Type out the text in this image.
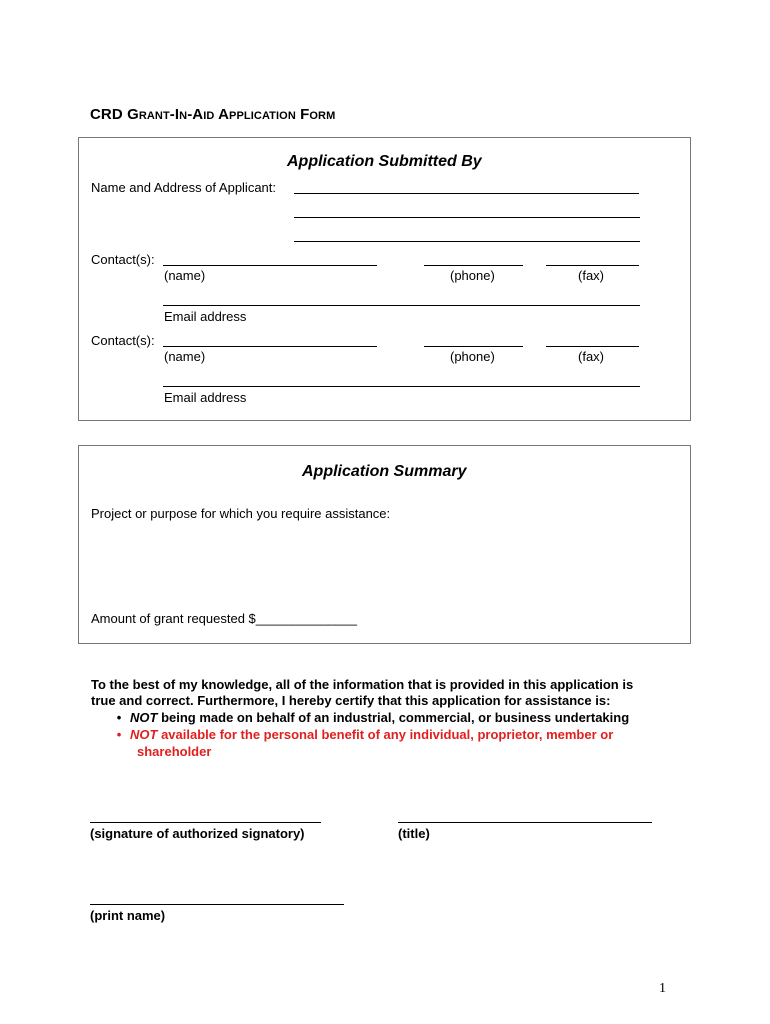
CRD Grant-In-Aid Application Form
Application Submitted By
Name and Address of Applicant:
Contact(s):
(name)	(phone)	(fax)
Email address
Contact(s):
(name)	(phone)	(fax)
Email address
Application Summary
Project or purpose for which you require assistance:
Amount of grant requested $______________
To the best of my knowledge, all of the information that is provided in this application is
true and correct. Furthermore, I hereby certify that this application for assistance is:
• NOT being made on behalf of an industrial, commercial, or business undertaking
• NOT available for the personal benefit of any individual, proprietor, member or
shareholder
(signature of authorized signatory)	(title)
(print name)
1
